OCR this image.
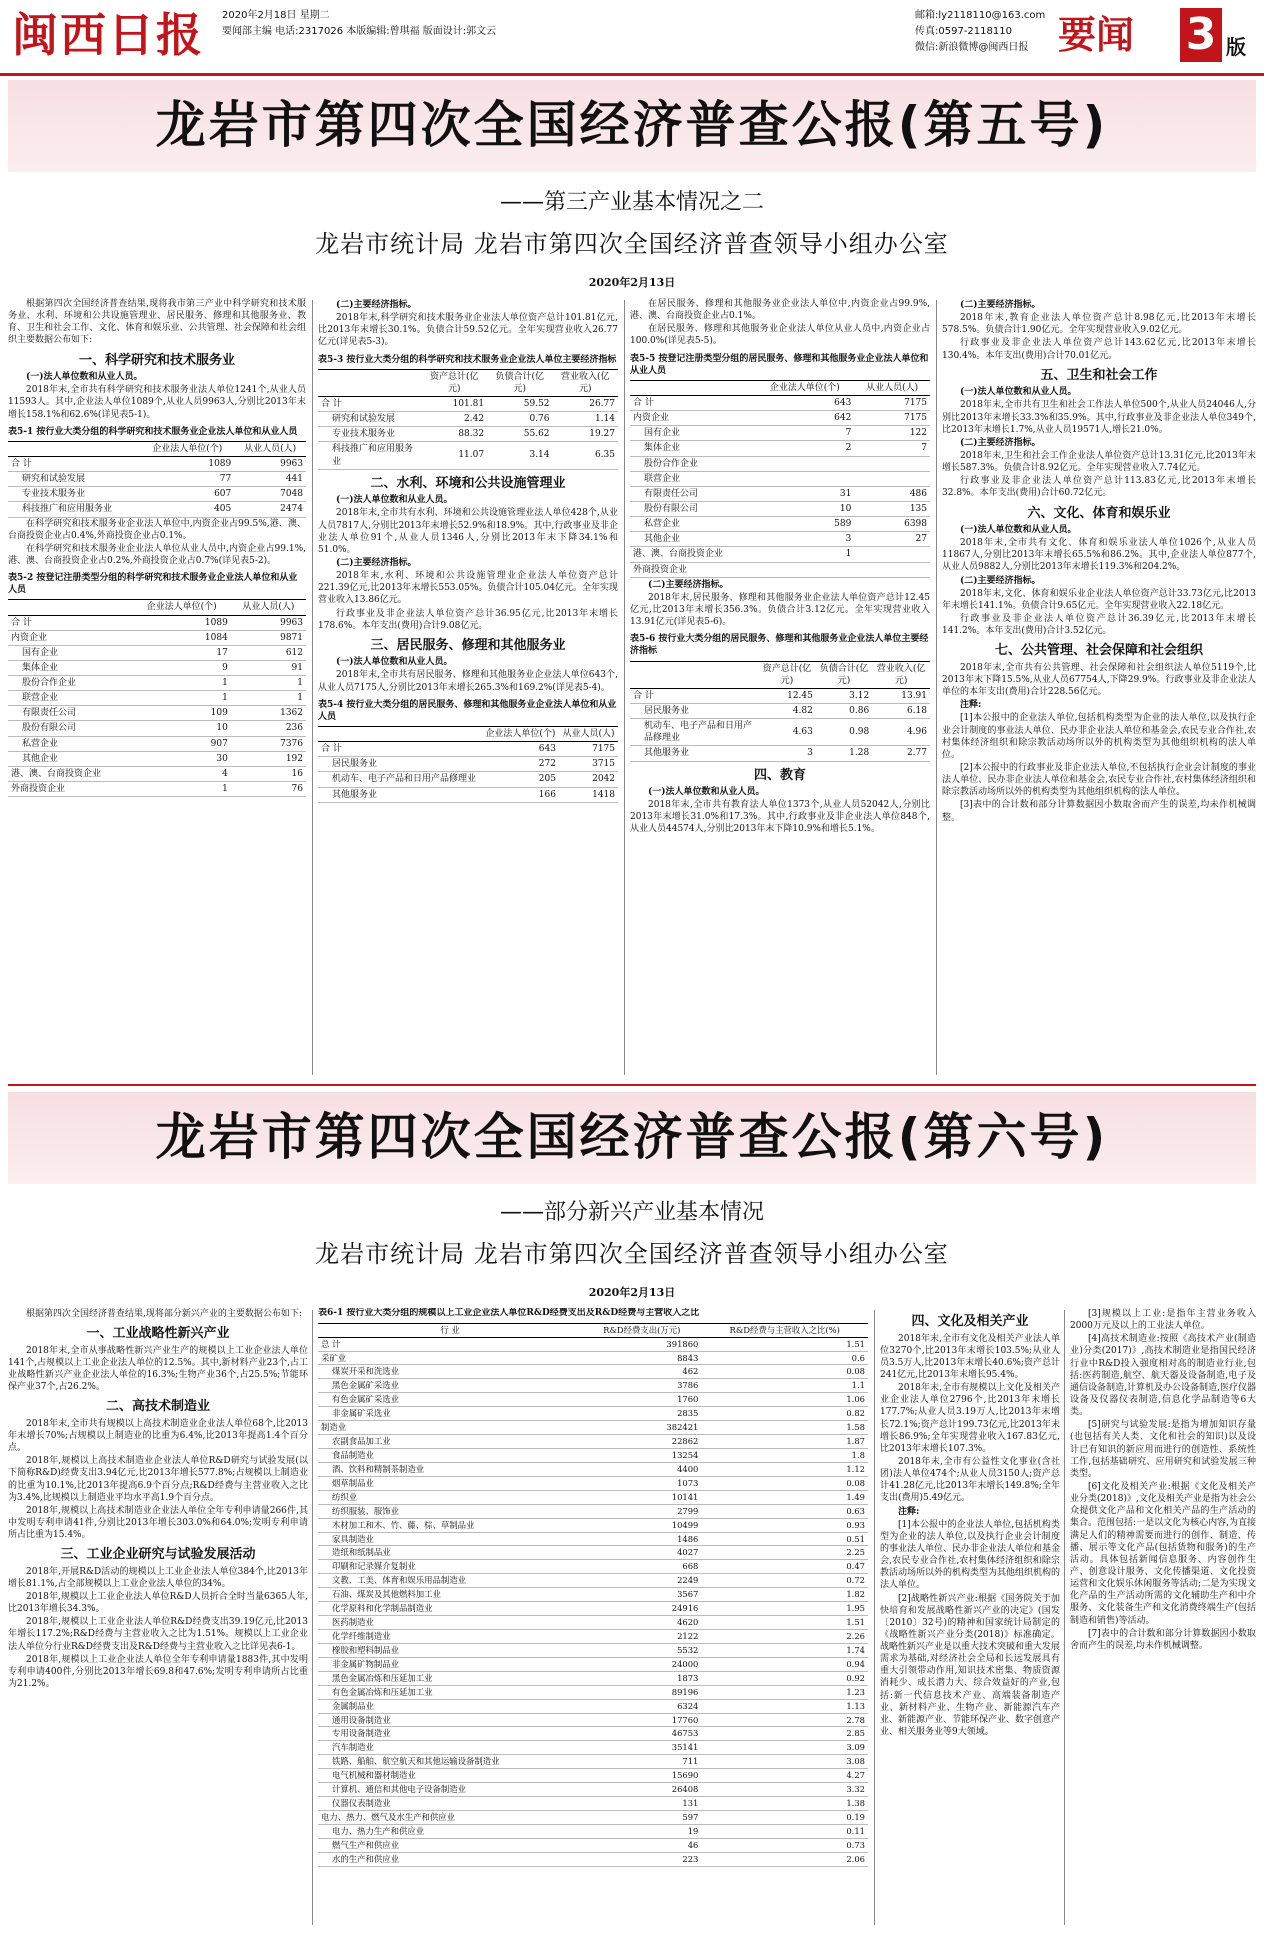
闽西日报 2020年2月18日 星期二
要闻部主编 电话:2317026 本版编辑:曾琪福 版面设计:郭文云
邮箱:ly2118110@163.com
传真:0597-2118110
微信:新浪微博@闽西日报 要闻 3 版
龙岩市第四次全国经济普查公报(第五号)
——第三产业基本情况之二
龙岩市统计局 龙岩市第四次全国经济普查领导小组办公室
2020年2月13日

根据第四次全国经济普查结果,现将我市第三产业中科学研究和技术服务业、水利、环境和公共设施管理业、居民服务、修理和其他服务业、教育、卫生和社会工作、文化、体育和娱乐业、公共管理、社会保障和社会组织主要数据公布如下:

一、科学研究和技术服务业
(一)法人单位数和从业人员。

2018年末,全市共有科学研究和技术服务业法人单位1241个,从业人员11593人。其中,企业法人单位1089个,从业人员9963人,分别比2013年末增长158.1%和62.6%(详见表5-1)。

表5-1 按行业大类分组的科学研究和技术服务业企业法人单位和从业人员
	企业法人单位(个)	从业人员(人)
合 计	1089	9963
研究和试验发展	77	441
专业技术服务业	607	7048
科技推广和应用服务业	405	2474

在科学研究和技术服务业企业法人单位中,内资企业占99.5%,港、澳、台商投资企业占0.4%,外商投资企业占0.1%。

在科学研究和技术服务业企业法人单位从业人员中,内资企业占99.1%,港、澳、台商投资企业占0.2%,外商投资企业占0.7%(详见表5-2)。

表5-2 按登记注册类型分组的科学研究和技术服务业企业法人单位和从业人员
	企业法人单位(个)	从业人员(人)
合 计	1089	9963
内资企业	1084	9871
国有企业	17	612
集体企业	9	91
股份合作企业	1	1
联营企业	1	1
有限责任公司	109	1362
股份有限公司	10	236
私营企业	907	7376
其他企业	30	192
港、澳、台商投资企业	4	16
外商投资企业	1	76
(二)主要经济指标。

2018年末,科学研究和技术服务业企业法人单位资产总计101.81亿元,比2013年末增长30.1%。负债合计59.52亿元。全年实现营业收入26.77亿元(详见表5-3)。

表5-3 按行业大类分组的科学研究和技术服务业企业法人单位主要经济指标
	资产总计(亿元)	负债合计(亿元)	营业收入(亿元)
合 计	101.81	59.52	26.77
研究和试验发展	2.42	0.76	1.14
专业技术服务业	88.32	55.62	19.27
科技推广和应用服务业	11.07	3.14	6.35
二、水利、环境和公共设施管理业
(一)法人单位数和从业人员。

2018年末,全市共有水利、环境和公共设施管理业法人单位428个,从业人员7817人,分别比2013年末增长52.9%和18.9%。其中,行政事业及非企业法人单位91个,从业人员1346人,分别比2013年末下降34.1%和51.0%。

(二)主要经济指标。

2018年末,水利、环境和公共设施管理业企业法人单位资产总计221.39亿元,比2013年末增长553.05%。负债合计105.04亿元。全年实现营业收入13.86亿元。

行政事业及非企业法人单位资产总计36.95亿元,比2013年末增长178.6%。本年支出(费用)合计9.08亿元。

三、居民服务、修理和其他服务业
(一)法人单位数和从业人员。

2018年末,全市共有居民服务、修理和其他服务业企业法人单位643个,从业人员7175人,分别比2013年末增长265.3%和169.2%(详见表5-4)。

表5-4 按行业大类分组的居民服务、修理和其他服务业企业法人单位和从业人员
	企业法人单位(个)	从业人员(人)
合 计	643	7175
居民服务业	272	3715
机动车、电子产品和日用产品修理业	205	2042
其他服务业	166	1418

在居民服务、修理和其他服务业企业法人单位中,内资企业占99.9%,港、澳、台商投资企业占0.1%。

在居民服务、修理和其他服务业企业法人单位从业人员中,内资企业占100.0%(详见表5-5)。

表5-5 按登记注册类型分组的居民服务、修理和其他服务业企业法人单位和从业人员
	企业法人单位(个)	从业人员(人)
合 计	643	7175
内资企业	642	7175
国有企业	7	122
集体企业	2	7
股份合作企业		
联营企业		
有限责任公司	31	486
股份有限公司	10	135
私营企业	589	6398
其他企业	3	27
港、澳、台商投资企业	1	
外商投资企业		
(二)主要经济指标。

2018年末,居民服务、修理和其他服务业企业法人单位资产总计12.45亿元,比2013年末增长356.3%。负债合计3.12亿元。全年实现营业收入13.91亿元(详见表5-6)。

表5-6 按行业大类分组的居民服务、修理和其他服务业企业法人单位主要经济指标
	资产总计(亿元)	负债合计(亿元)	营业收入(亿元)
合 计	12.45	3.12	13.91
居民服务业	4.82	0.86	6.18
机动车、电子产品和日用产品修理业	4.63	0.98	4.96
其他服务业	3	1.28	2.77
四、教育
(一)法人单位数和从业人员。

2018年末,全市共有教育法人单位1373个,从业人员52042人,分别比2013年末增长31.0%和17.3%。其中,行政事业及非企业法人单位848个,从业人员44574人,分别比2013年末下降10.9%和增长5.1%。

(二)主要经济指标。

2018年末,教育企业法人单位资产总计8.98亿元,比2013年末增长578.5%。负债合计1.90亿元。全年实现营业收入9.02亿元。

行政事业及非企业法人单位资产总计143.62亿元,比2013年末增长130.4%。本年支出(费用)合计70.01亿元。

五、卫生和社会工作
(一)法人单位数和从业人员。

2018年末,全市共有卫生和社会工作法人单位500个,从业人员24046人,分别比2013年末增长33.3%和35.9%。其中,行政事业及非企业法人单位349个,比2013年末增长1.7%,从业人员19571人,增长21.0%。

(二)主要经济指标。

2018年末,卫生和社会工作企业法人单位资产总计13.31亿元,比2013年末增长587.3%。负债合计8.92亿元。全年实现营业收入7.74亿元。

行政事业及非企业法人单位资产总计113.83亿元,比2013年末增长32.8%。本年支出(费用)合计60.72亿元。

六、文化、体育和娱乐业
(一)法人单位数和从业人员。

2018年末,全市共有文化、体育和娱乐业法人单位1026个,从业人员11867人,分别比2013年末增长65.5%和86.2%。其中,企业法人单位877个,从业人员9882人,分别比2013年末增长119.3%和204.2%。

(二)主要经济指标。

2018年末,文化、体育和娱乐业企业法人单位资产总计33.73亿元,比2013年末增长141.1%。负债合计9.65亿元。全年实现营业收入22.18亿元。

行政事业及非企业法人单位资产总计36.39亿元,比2013年末增长141.2%。本年支出(费用)合计3.52亿元。

七、公共管理、社会保障和社会组织

2018年末,全市共有公共管理、社会保障和社会组织法人单位5119个,比2013年末下降15.5%,从业人员67754人,下降29.9%。行政事业及非企业法人单位的本年支出(费用)合计228.56亿元。

注释:

[1]本公报中的企业法人单位,包括机构类型为企业的法人单位,以及执行企业会计制度的事业法人单位、民办非企业法人单位和基金会,农民专业合作社,农村集体经济组织和除宗教活动场所以外的机构类型为其他组织机构的法人单位。

[2]本公报中的行政事业及非企业法人单位,不包括执行企业会计制度的事业法人单位、民办非企业法人单位和基金会,农民专业合作社,农村集体经济组织和除宗教活动场所以外的机构类型为其他组织机构的法人单位。

[3]表中的合计数和部分计算数据因小数取舍而产生的误差,均未作机械调整。

龙岩市第四次全国经济普查公报(第六号)
——部分新兴产业基本情况
龙岩市统计局 龙岩市第四次全国经济普查领导小组办公室
2020年2月13日

根据第四次全国经济普查结果,现将部分新兴产业的主要数据公布如下:

一、工业战略性新兴产业

2018年末,全市从事战略性新兴产业生产的规模以上工业企业法人单位141个,占规模以上工业企业法人单位的12.5%。其中,新材料产业23个,占工业战略性新兴产业企业法人单位的16.3%;生物产业36个,占25.5%;节能环保产业37个,占26.2%。

二、高技术制造业

2018年末,全市共有规模以上高技术制造业企业法人单位68个,比2013年末增长70%;占规模以上制造业的比重为6.4%,比2013年提高1.4个百分点。

2018年,规模以上高技术制造业企业法人单位R&D研究与试验发展(以下简称R&D)经费支出3.94亿元,比2013年增长577.8%;占规模以上制造业的比重为10.1%,比2013年提高6.9个百分点;R&D经费与主营业收入之比为3.4%,比规模以上制造业平均水平高1.9个百分点。

2018年,规模以上高技术制造业企业法人单位全年专利申请量266件,其中发明专利申请41件,分别比2013年增长303.0%和64.0%;发明专利申请所占比重为15.4%。

三、工业企业研究与试验发展活动

2018年,开展R&D活动的规模以上工业企业法人单位384个,比2013年增长81.1%,占全部规模以上工业企业法人单位的34%。

2018年,规模以上工业企业法人单位R&D人员折合全时当量6365人年,比2013年增长34.3%。

2018年,规模以上工业企业法人单位R&D经费支出39.19亿元,比2013年增长117.2%;R&D经费与主营业收入之比为1.51%。规模以上工业企业法人单位分行业R&D经费支出及R&D经费与主营业收入之比详见表6-1。

2018年,规模以上工业企业法人单位全年专利申请量1883件,其中发明专利申请400件,分别比2013年增长69.8和47.6%;发明专利申请所占比重为21.2%。

表6-1 按行业大类分组的规模以上工业企业法人单位R&D经费支出及R&D经费与主营收入之比
行 业	R&D经费支出(万元)	R&D经费与主营收入之比(%)
总 计	391860	1.51
采矿业	8843	0.6
煤炭开采和洗选业	462	0.08
黑色金属矿采选业	3786	1.1
有色金属矿采选业	1760	1.06
非金属矿采选业	2835	0.82
制造业	382421	1.58
农副食品加工业	22862	1.87
食品制造业	13254	1.8
酒、饮料和精制茶制造业	4400	1.12
烟草制品业	1073	0.08
纺织业	10141	1.49
纺织服装、服饰业	2799	0.63
木材加工和木、竹、藤、棕、草制品业	10499	0.93
家具制造业	1486	0.51
造纸和纸制品业	4027	2.25
印刷和记录媒介复制业	668	0.47
文教、工美、体育和娱乐用品制造业	2249	0.72
石油、煤炭及其他燃料加工业	3567	1.82
化学原料和化学制品制造业	24916	1.95
医药制造业	4620	1.51
化学纤维制造业	2122	2.26
橡胶和塑料制品业	5532	1.74
非金属矿物制品业	24000	0.94
黑色金属冶炼和压延加工业	1873	0.92
有色金属冶炼和压延加工业	89196	1.23
金属制品业	6324	1.13
通用设备制造业	17760	2.78
专用设备制造业	46753	2.85
汽车制造业	35141	3.09
铁路、船舶、航空航天和其他运输设备制造业	711	3.08
电气机械和器材制造业	15690	4.27
计算机、通信和其他电子设备制造业	26408	3.32
仪器仪表制造业	131	1.38
电力、热力、燃气及水生产和供应业	597	0.19
电力、热力生产和供应业	19	0.11
燃气生产和供应业	46	0.73
水的生产和供应业	223	2.06
四、文化及相关产业

2018年末,全市有文化及相关产业法人单位3270个,比2013年末增长103.5%;从业人员3.5万人,比2013年末增长40.6%;资产总计241亿元,比2013年末增长95.4%。

2018年末,全市有规模以上文化及相关产业企业法人单位2796个,比2013年末增长177.7%;从业人员3.19万人,比2013年末增长72.1%;资产总计199.73亿元,比2013年末增长86.9%;全年实现营业收入167.83亿元,比2013年末增长107.3%。

2018年末,全市有公益性文化事业(含社团)法人单位474个;从业人员3150人;资产总计41.28亿元,比2013年末增长149.8%;全年支出(费用)5.49亿元。

注释:

[1]本公报中的企业法人单位,包括机构类型为企业的法人单位,以及执行企业会计制度的事业法人单位、民办非企业法人单位和基金会,农民专业合作社,农村集体经济组织和除宗教活动场所以外的机构类型为其他组织机构的法人单位。

[2]战略性新兴产业:根据《国务院关于加快培育和发展战略性新兴产业的决定》(国发〔2010〕32号)的精神和国家统计局制定的《战略性新兴产业分类(2018)》标准确定。战略性新兴产业是以重大技术突破和重大发展需求为基础,对经济社会全局和长远发展具有重大引领带动作用,知识技术密集、物质资源消耗少、成长潜力大、综合效益好的产业,包括:新一代信息技术产业、高端装备制造产业、新材料产业、生物产业、新能源汽车产业、新能源产业、节能环保产业、数字创意产业、相关服务业等9大领域。

[3]规模以上工业:是指年主营业务收入2000万元及以上的工业法人单位。

[4]高技术制造业:按照《高技术产业(制造业)分类(2017)》,高技术制造业是指国民经济行业中R&D投入强度相对高的制造业行业,包括:医药制造,航空、航天器及设备制造,电子及通信设备制造,计算机及办公设备制造,医疗仪器设备及仪器仪表制造,信息化学品制造等6大类。

[5]研究与试验发展:是指为增加知识存量(也包括有关人类、文化和社会的知识)以及设计已有知识的新应用而进行的创造性、系统性工作,包括基础研究、应用研究和试验发展三种类型。

[6]文化及相关产业:根据《文化及相关产业分类(2018)》,文化及相关产业是指为社会公众提供文化产品和文化相关产品的生产活动的集合。范围包括:一是以文化为核心内容,为直接满足人们的精神需要而进行的创作、制造、传播、展示等文化产品(包括货物和服务)的生产活动。具体包括新闻信息服务、内容创作生产、创意设计服务、文化传播渠道、文化投资运营和文化娱乐休闲服务等活动;二是为实现文化产品的生产活动所需的文化辅助生产和中介服务、文化装备生产和文化消费终端生产(包括制造和销售)等活动。

[7]表中的合计数和部分计算数据因小数取舍而产生的误差,均未作机械调整。
